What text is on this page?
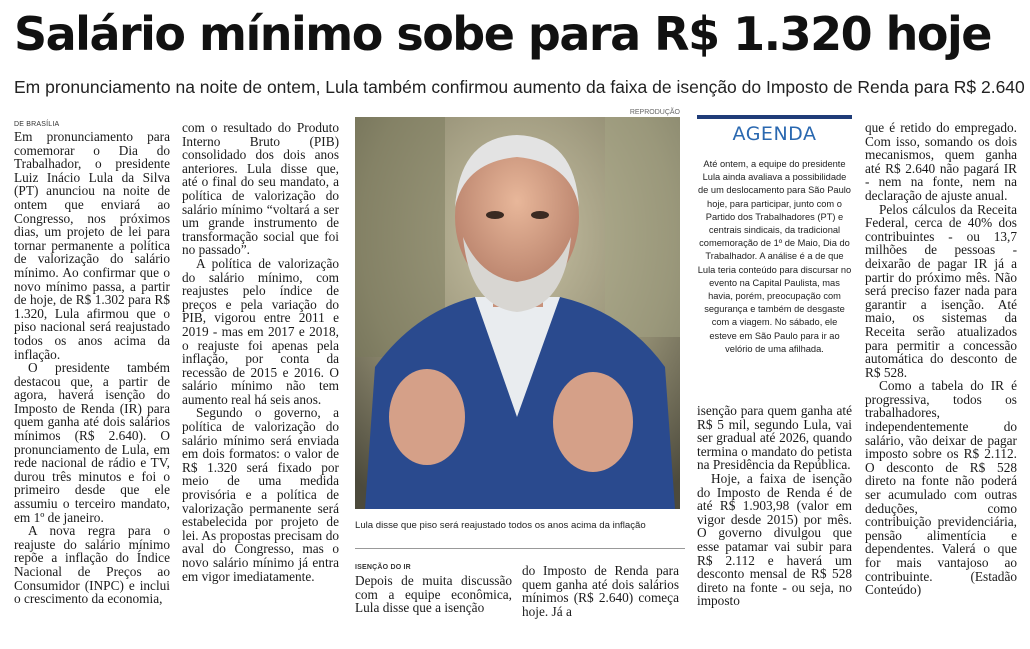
Salário mínimo sobe para R$ 1.320 hoje
Em pronunciamento na noite de ontem, Lula também confirmou aumento da faixa de isenção do Imposto de Renda para R$ 2.640
DE BRASÍLIA

Em pronunciamento para comemorar o Dia do Trabalhador, o presidente Luiz Inácio Lula da Silva (PT) anunciou na noite de ontem que enviará ao Congresso, nos próximos dias, um projeto de lei para tornar permanente a política de valorização do salário mínimo. Ao confirmar que o novo mínimo passa, a partir de hoje, de R$ 1.302 para R$ 1.320, Lula afirmou que o piso nacional será reajustado todos os anos acima da inflação.

O presidente também destacou que, a partir de agora, haverá isenção do Imposto de Renda (IR) para quem ganha até dois salários mínimos (R$ 2.640). O pronunciamento de Lula, em rede nacional de rádio e TV, durou três minutos e foi o primeiro desde que ele assumiu o terceiro mandato, em 1º de janeiro.

A nova regra para o reajuste do salário mínimo repõe a inflação do Índice Nacional de Preços ao Consumidor (INPC) e inclui o crescimento da economia,

com o resultado do Produto Interno Bruto (PIB) consolidado dos dois anos anteriores. Lula disse que, até o final do seu mandato, a política de valorização do salário mínimo “voltará a ser um grande instrumento de transformação social que foi no passado”.

A política de valorização do salário mínimo, com reajustes pelo índice de preços e pela variação do PIB, vigorou entre 2011 e 2019 - mas em 2017 e 2018, o reajuste foi apenas pela inflação, por conta da recessão de 2015 e 2016. O salário mínimo não tem aumento real há seis anos.

Segundo o governo, a política de valorização do salário mínimo será enviada em dois formatos: o valor de R$ 1.320 será fixado por meio de uma medida provisória e a política de valorização permanente será estabelecida por projeto de lei. As propostas precisam do aval do Congresso, mas o novo salário mínimo já entra em vigor imediatamente.

REPRODUÇÃO
Lula disse que piso será reajustado todos os anos acima da inflação
ISENÇÃO DO IR

Depois de muita discussão com a equipe econômica, Lula disse que a isenção

do Imposto de Renda para quem ganha até dois salários mínimos (R$ 2.640) começa hoje. Já a

AGENDA
Até ontem, a equipe do presidente Lula ainda avaliava a possibilidade de um deslocamento para São Paulo hoje, para participar, junto com o Partido dos Trabalhadores (PT) e centrais sindicais, da tradicional comemoração de 1º de Maio, Dia do Trabalhador. A análise é a de que Lula teria conteúdo para discursar no evento na Capital Paulista, mas havia, porém, preocupação com segurança e também de desgaste com a viagem. No sábado, ele esteve em São Paulo para ir ao velório de uma afilhada.

isenção para quem ganha até R$ 5 mil, segundo Lula, vai ser gradual até 2026, quando termina o mandato do petista na Presidência da República.

Hoje, a faixa de isenção do Imposto de Renda é de até R$ 1.903,98 (valor em vigor desde 2015) por mês. O governo divulgou que esse patamar vai subir para R$ 2.112 e haverá um desconto mensal de R$ 528 direto na fonte - ou seja, no imposto

que é retido do empregado. Com isso, somando os dois mecanismos, quem ganha até R$ 2.640 não pagará IR - nem na fonte, nem na declaração de ajuste anual.

Pelos cálculos da Receita Federal, cerca de 40% dos contribuintes - ou 13,7 milhões de pessoas - deixarão de pagar IR já a partir do próximo mês. Não será preciso fazer nada para garantir a isenção. Até maio, os sistemas da Receita serão atualizados para permitir a concessão automática do desconto de R$ 528.

Como a tabela do IR é progressiva, todos os trabalhadores, independentemente do salário, vão deixar de pagar imposto sobre os R$ 2.112. O desconto de R$ 528 direto na fonte não poderá ser acumulado com outras deduções, como contribuição previdenciária, pensão alimentícia e dependentes. Valerá o que for mais vantajoso ao contribuinte. (Estadão Conteúdo)
